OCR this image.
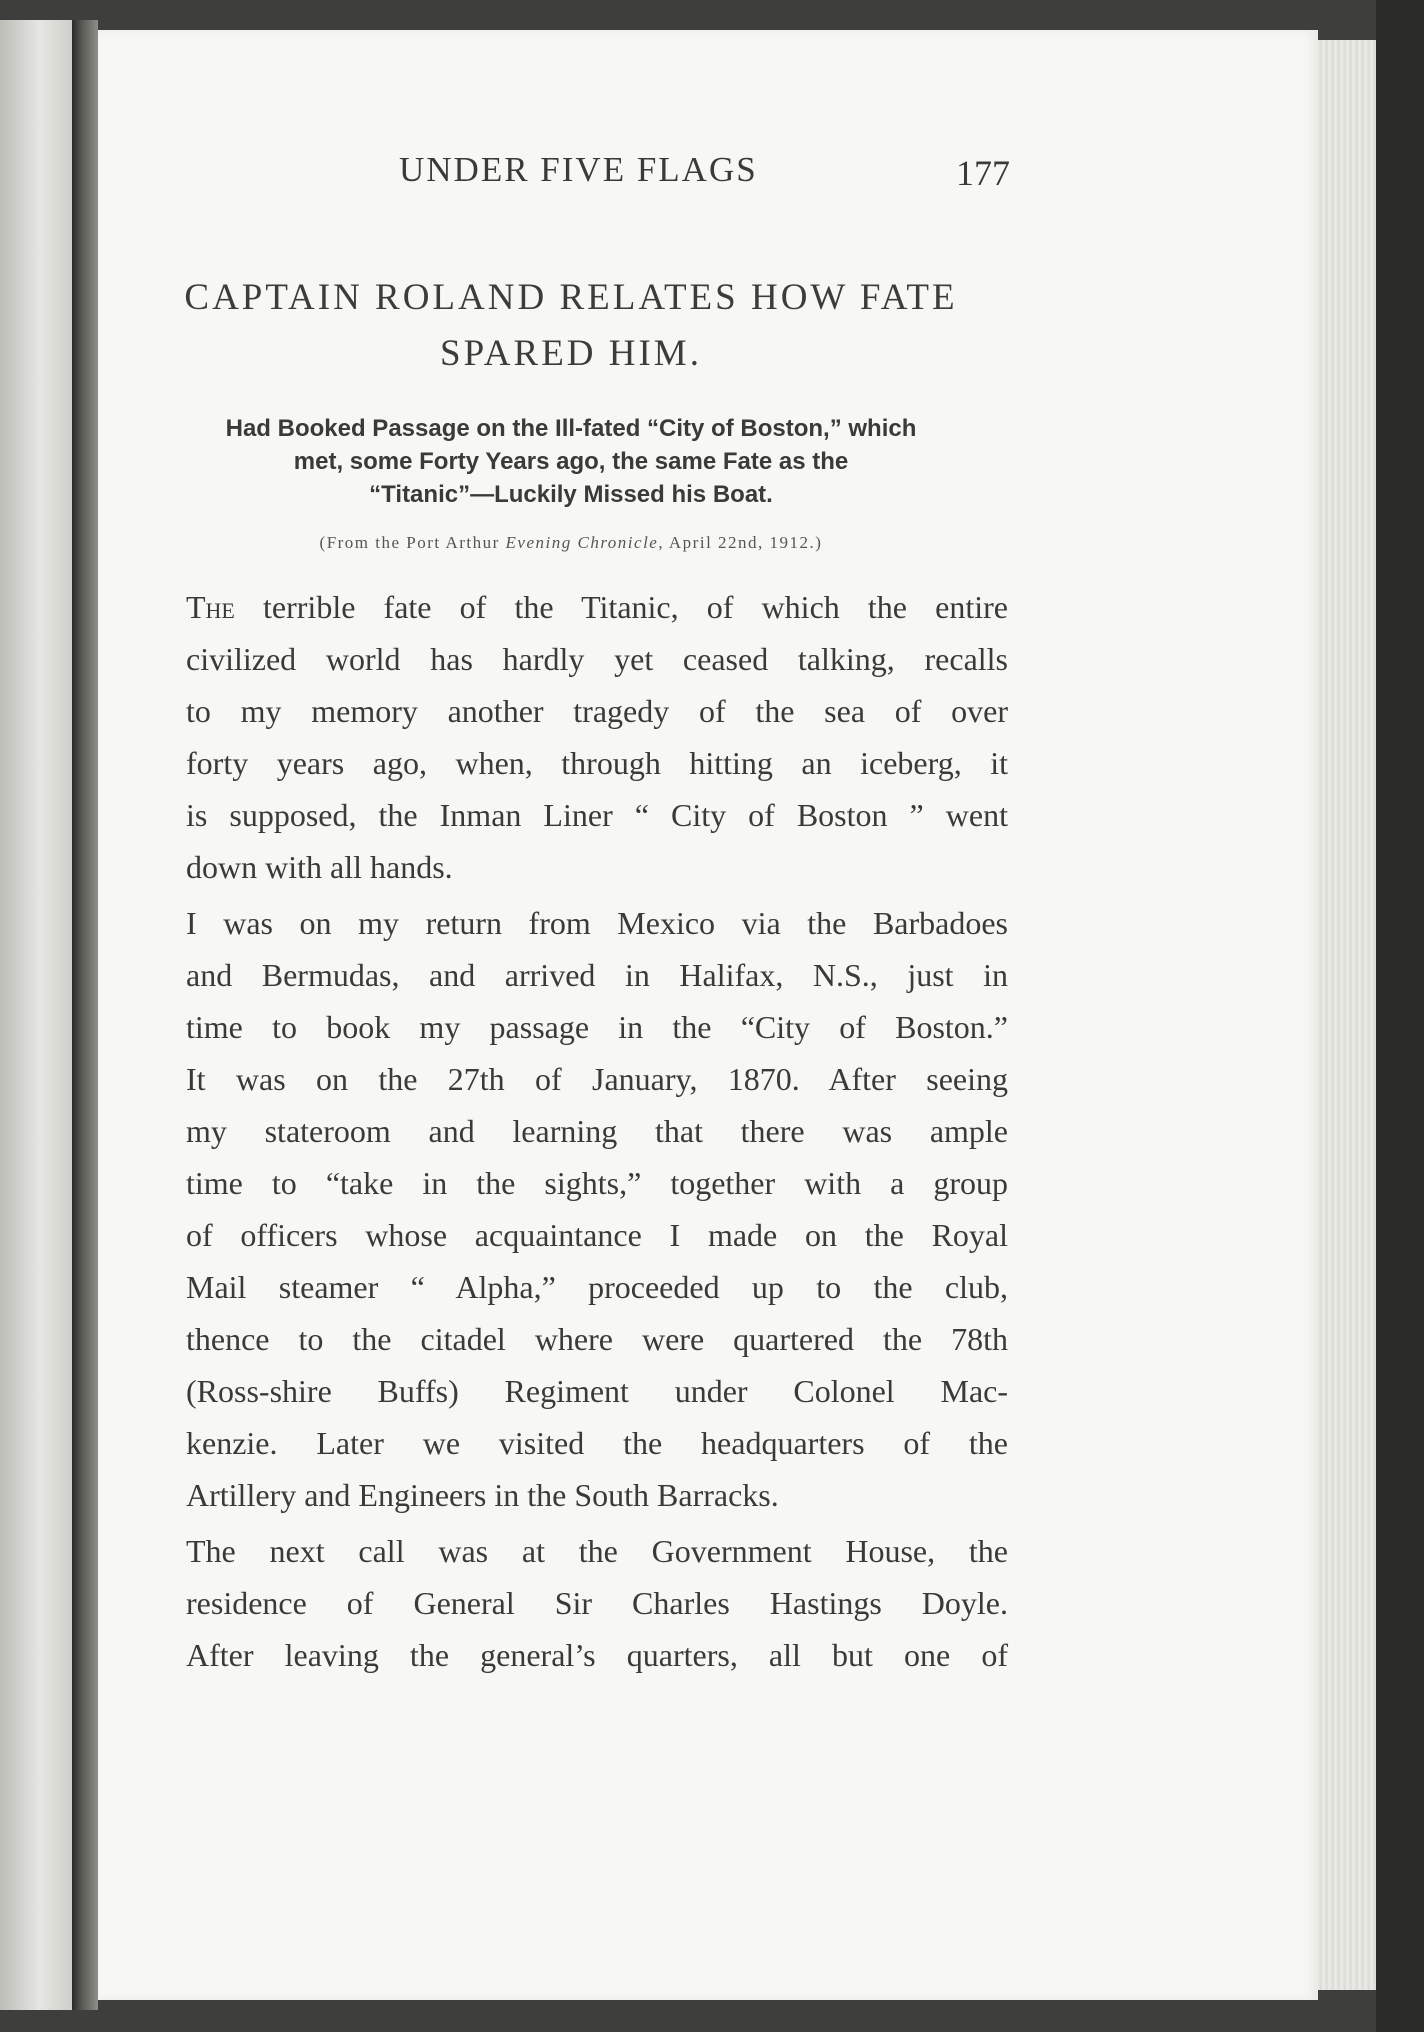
UNDER FIVE FLAGS	177
CAPTAIN ROLAND RELATES HOW FATE SPARED HIM.
Had Booked Passage on the Ill-fated “City of Boston,” which
met, some Forty Years ago, the same Fate as the
“Titanic”—Luckily Missed his Boat.
(From the Port Arthur Evening Chronicle, April 22nd, 1912.)

The terrible fate of the Titanic, of which the entire
civilized world has hardly yet ceased talking, recalls
to my memory another tragedy of the sea of over
forty years ago, when, through hitting an iceberg, it
is supposed, the Inman Liner “ City of Boston ” went
down with all hands.

I was on my return from Mexico via the Barbadoes
and Bermudas, and arrived in Halifax, N.S., just in
time to book my passage in the “City of Boston.”
It was on the 27th of January, 1870. After seeing
my stateroom and learning that there was ample
time to “take in the sights,” together with a group
of officers whose acquaintance I made on the Royal
Mail steamer “ Alpha,” proceeded up to the club,
thence to the citadel where were quartered the 78th
(Ross-shire Buffs) Regiment under Colonel Mac-
kenzie. Later we visited the headquarters of the
Artillery and Engineers in the South Barracks.

The next call was at the Government House, the
residence of General Sir Charles Hastings Doyle.
After leaving the general’s quarters, all but one of
